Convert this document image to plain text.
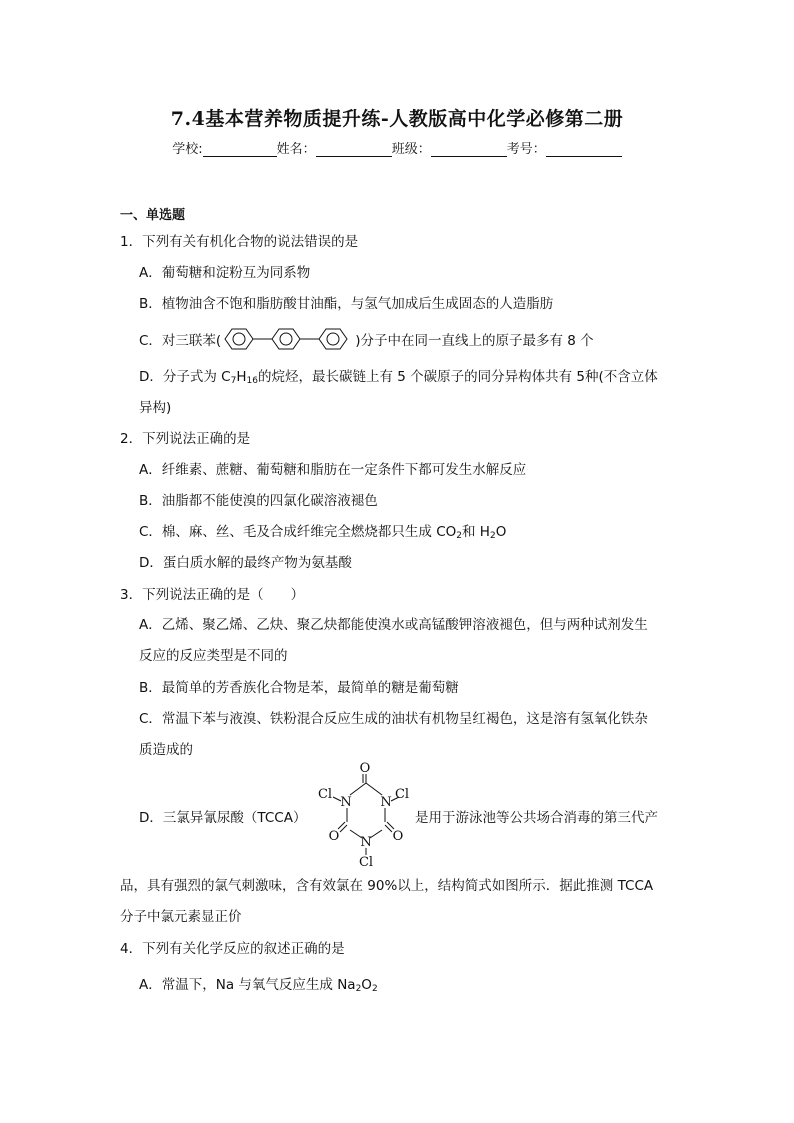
7.4基本营养物质提升练-人教版高中化学必修第二册
学校:	姓名：	班级：	考号：
一、单选题
1．下列有关有机化合物的说法错误的是
A．葡萄糖和淀粉互为同系物
B．植物油含不饱和脂肪酸甘油酯，与氢气加成后生成固态的人造脂肪
C．对三联苯(	)分子中在同一直线上的原子最多有 8 个
D．分子式为 $C_7H_{16}$的烷烃，最长碳链上有 5 个碳原子的同分异构体共有 5种(不含立体
异构)
2．下列说法正确的是
A．纤维素、蔗糖、葡萄糖和脂肪在一定条件下都可发生水解反应
B．油脂都不能使溴的四氯化碳溶液褪色
C．棉、麻、丝、毛及合成纤维完全燃烧都只生成 $CO_2$和 $H_2O$
D．蛋白质水解的最终产物为氨基酸
3．下列说法正确的是（　　）
A．乙烯、聚乙烯、乙炔、聚乙炔都能使溴水或高锰酸钾溶液褪色，但与两种试剂发生
反应的反应类型是不同的
B．最简单的芳香族化合物是苯，最简单的糖是葡萄糖
C．常温下苯与液溴、铁粉混合反应生成的油状有机物呈红褐色，这是溶有氢氧化铁杂
质造成的
D．三氯异氰尿酸（TCCA）
O
N N
Cl	Cl
O	O
N
Cl
是用于游泳池等公共场合消毒的第三代产
品，具有强烈的氯气刺激味，含有效氯在 90%以上，结构简式如图所示．据此推测 TCCA
分子中氯元素显正价
4．下列有关化学反应的叙述正确的是
A．常温下，Na 与氧气反应生成 $Na_2O_2$
